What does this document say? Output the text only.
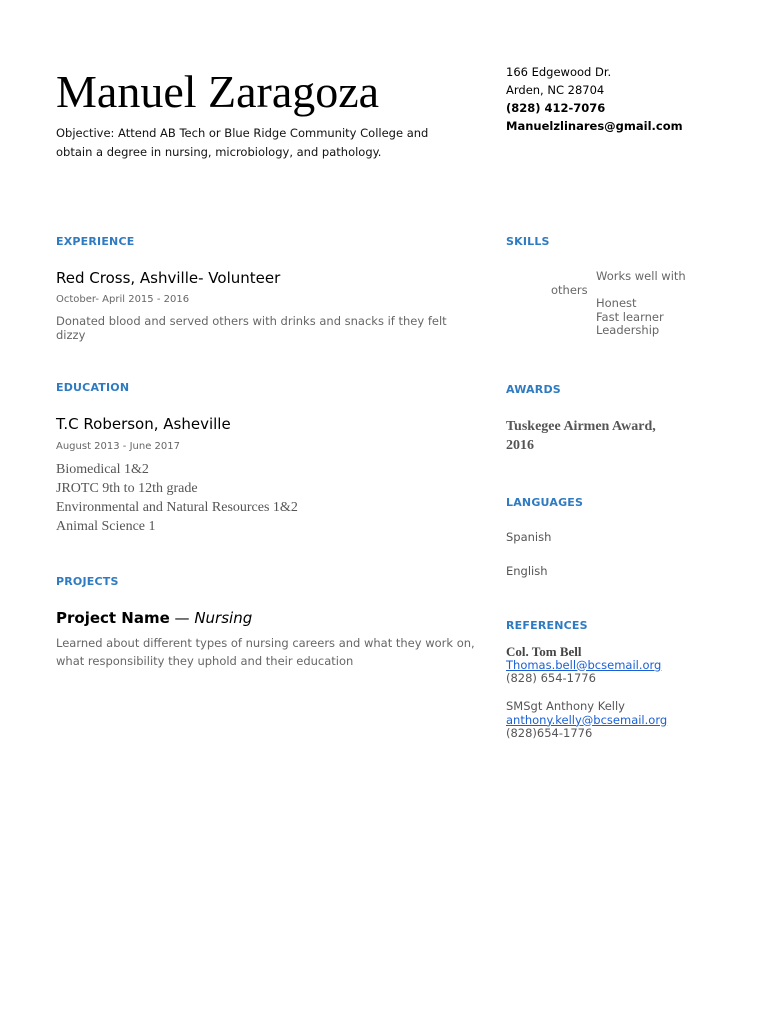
Manuel Zaragoza
Objective: Attend AB Tech or Blue Ridge Community College and obtain a degree in nursing, microbiology, and pathology.
166 Edgewood Dr.
Arden, NC 28704
(828) 412-7076
Manuelzlinares@gmail.com
EXPERIENCE
Red Cross, Ashville- Volunteer
October- April 2015 - 2016
Donated blood and served others with drinks and snacks if they felt dizzy
EDUCATION
T.C Roberson, Asheville
August 2013 - June 2017
Biomedical 1&2
JROTC 9th to 12th grade
Environmental and Natural Resources 1&2
Animal Science 1
PROJECTS
Project Name — Nursing
Learned about different types of nursing careers and what they work on, what responsibility they uphold and their education
SKILLS
Works well with
others
Honest
Fast learner
Leadership
AWARDS
Tuskegee Airmen Award,
2016
LANGUAGES
Spanish
English
REFERENCES
Col. Tom Bell
Thomas.bell@bcsemail.org
(828) 654-1776
SMSgt Anthony Kelly
anthony.kelly@bcsemail.org
(828)654-1776
